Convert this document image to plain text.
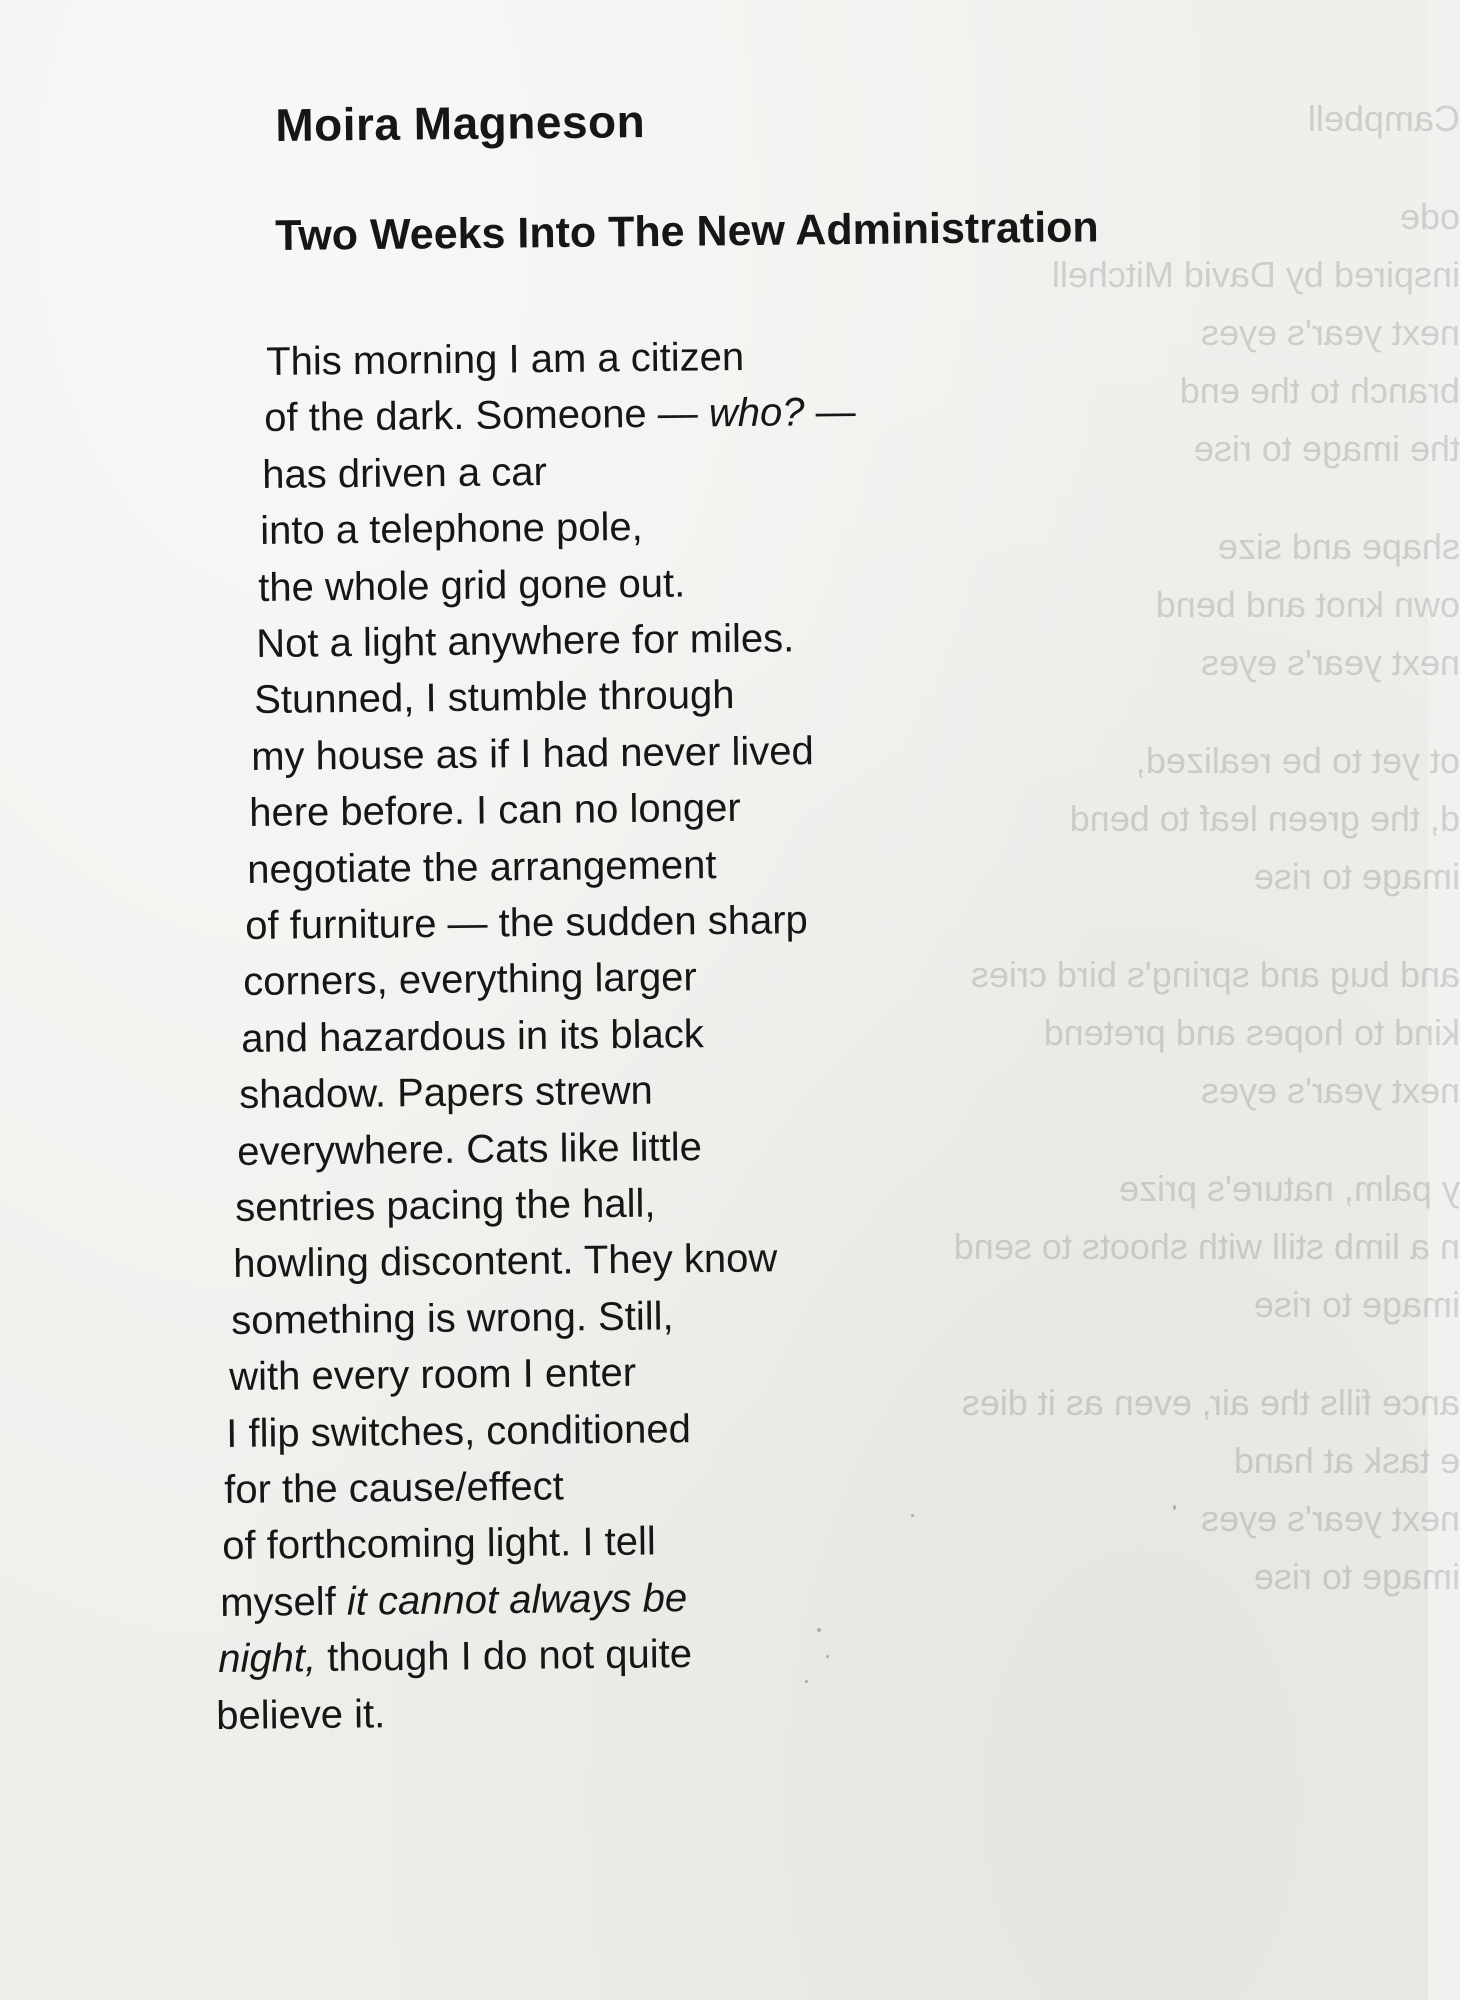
Campbell
ode
inspired by David Mitchell
next year's eyes
branch to the end
the image to rise
shape and size
own knot and bend
next year's eyes
ot yet to be realized,
d, the green leaf to bend
image to rise
and bug and spring's bird cries
kind to hopes and pretend
next year's eyes
y palm, nature's prize
n a limb still with shoots to send
image to rise
ance fills the air, even as it dies
e task at hand
next year's eyes
image to rise
Moira Magneson
Two Weeks Into The New Administration
This morning I am a citizen
of the dark. Someone — who? —
has driven a car
into a telephone pole,
the whole grid gone out.
Not a light anywhere for miles.
Stunned, I stumble through
my house as if I had never lived
here before. I can no longer
negotiate the arrangement
of furniture — the sudden sharp
corners, everything larger
and hazardous in its black
shadow. Papers strewn
everywhere. Cats like little
sentries pacing the hall,
howling discontent. They know
something is wrong. Still,
with every room I enter
I flip switches, conditioned
for the cause/effect
of forthcoming light. I tell
myself it cannot always be
night, though I do not quite
believe it.
